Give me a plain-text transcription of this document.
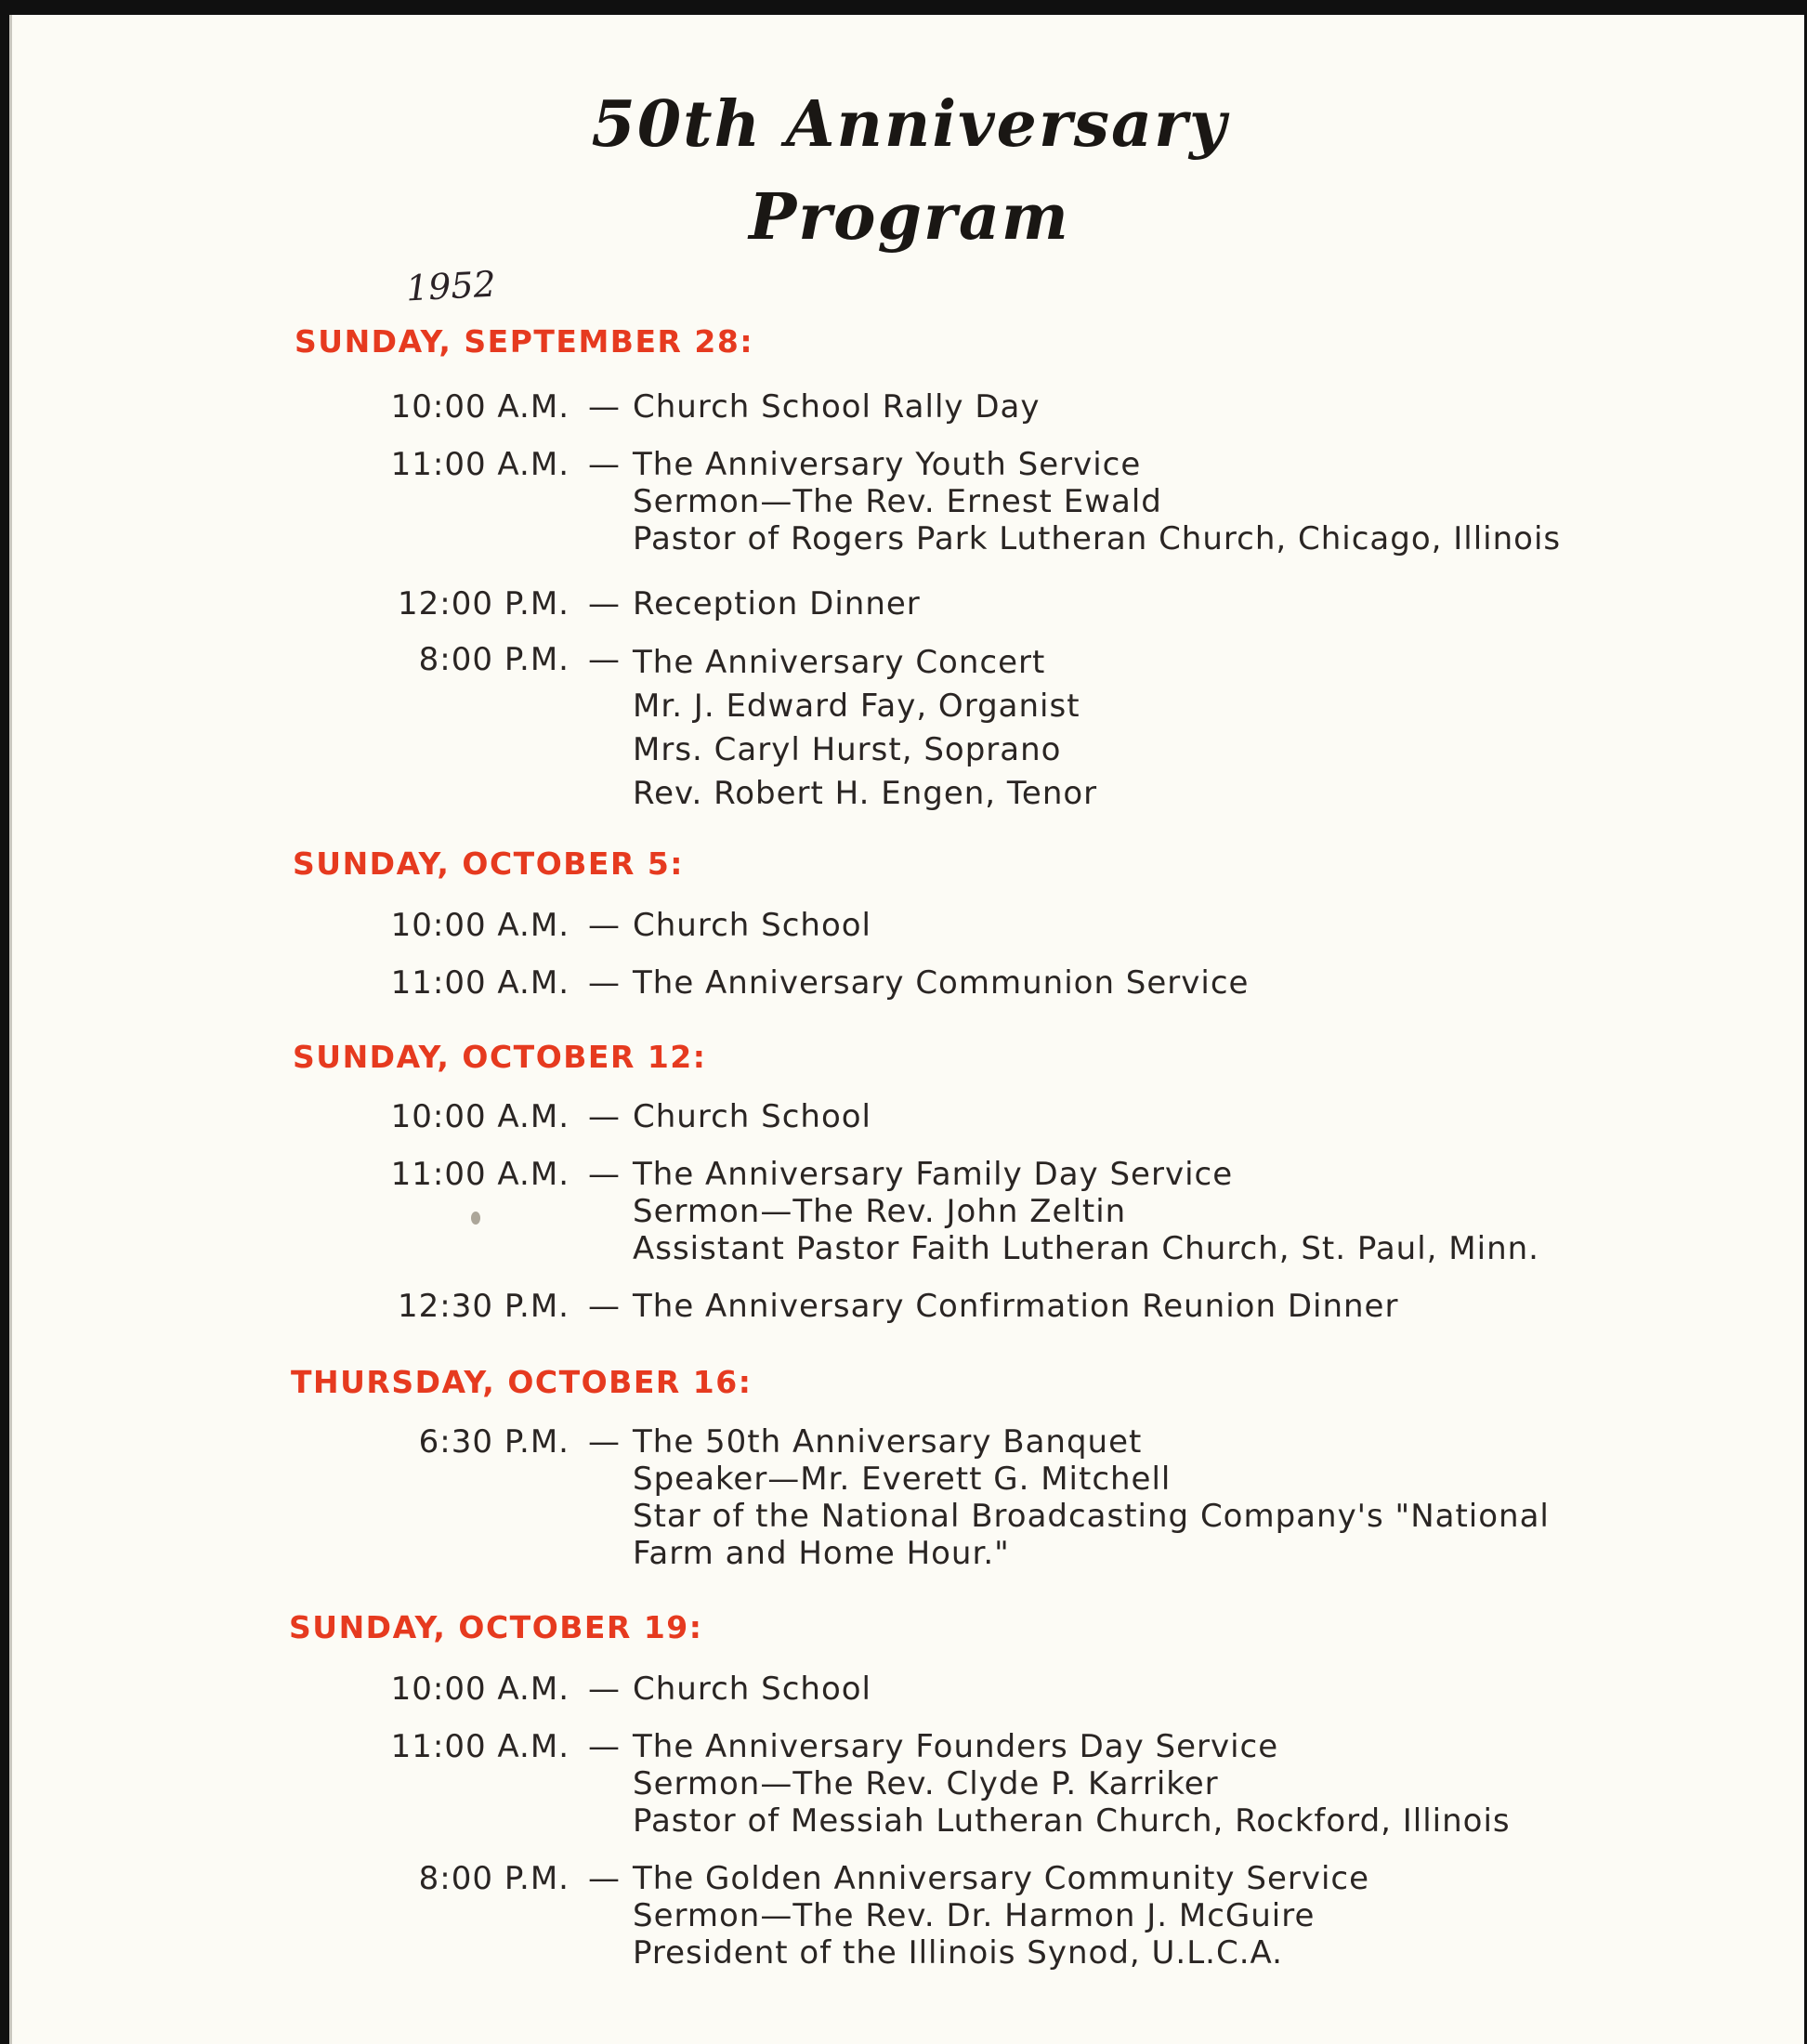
50th Anniversary
Program
1952
SUNDAY, SEPTEMBER 28:
10:00 A.M. — Church School Rally Day
11:00 A.M. — The Anniversary Youth Service
Sermon—The Rev. Ernest Ewald
Pastor of Rogers Park Lutheran Church, Chicago, Illinois
12:00 P.M. — Reception Dinner
8:00 P.M. — The Anniversary Concert
Mr. J. Edward Fay, Organist
Mrs. Caryl Hurst, Soprano
Rev. Robert H. Engen, Tenor
SUNDAY, OCTOBER 5:
10:00 A.M. — Church School
11:00 A.M. — The Anniversary Communion Service
SUNDAY, OCTOBER 12:
10:00 A.M. — Church School
11:00 A.M. — The Anniversary Family Day Service
Sermon—The Rev. John Zeltin
Assistant Pastor Faith Lutheran Church, St. Paul, Minn.
12:30 P.M. — The Anniversary Confirmation Reunion Dinner
THURSDAY, OCTOBER 16:
6:30 P.M. — The 50th Anniversary Banquet
Speaker—Mr. Everett G. Mitchell
Star of the National Broadcasting Company's "National
Farm and Home Hour."
SUNDAY, OCTOBER 19:
10:00 A.M. — Church School
11:00 A.M. — The Anniversary Founders Day Service
Sermon—The Rev. Clyde P. Karriker
Pastor of Messiah Lutheran Church, Rockford, Illinois
8:00 P.M. — The Golden Anniversary Community Service
Sermon—The Rev. Dr. Harmon J. McGuire
President of the Illinois Synod, U.L.C.A.
